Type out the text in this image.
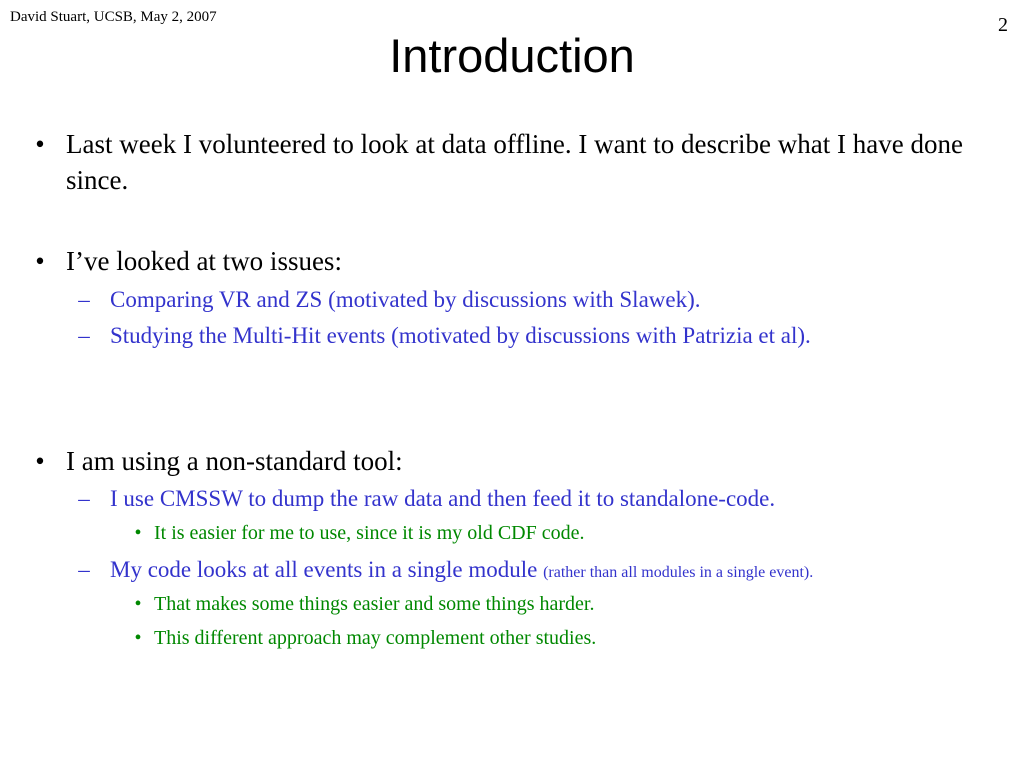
David Stuart, UCSB, May 2, 2007	2
Introduction
• Last week I volunteered to look at data offline. I want to describe what I have done since.
• I’ve looked at two issues:
– Comparing VR and ZS (motivated by discussions with Slawek).
– Studying the Multi-Hit events (motivated by discussions with Patrizia et al).
• I am using a non-standard tool:
– I use CMSSW to dump the raw data and then feed it to standalone-code.
• It is easier for me to use, since it is my old CDF code.
– My code looks at all events in a single module (rather than all modules in a single event).
• That makes some things easier and some things harder.
• This different approach may complement other studies.
